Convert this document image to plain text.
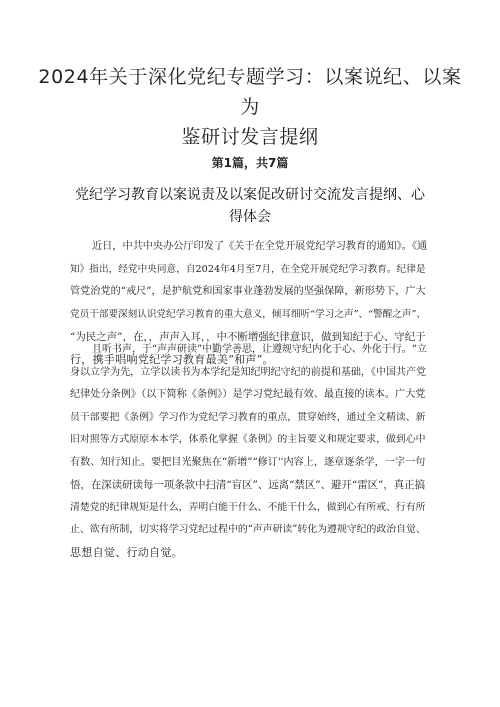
2024年关于深化党纪专题学习：以案说纪、以案为
鉴研讨发言提纲
第1篇，共7篇
党纪学习教育以案说责及以案促改研讨交流发言提纲、心
得体会
近日，中共中央办公厅印发了《关于在全党开展党纪学习教育的通知》。《通
知》指出，经党中央同意，自2024年4月至7月，在全党开展党纪学习教育。纪律是
管党治党的“戒尺”，是护航党和国家事业蓬勃发展的坚强保障，新形势下，广大
党员干部要深刻认识党纪学习教育的重大意义，倾耳细听“学习之声”、“警醒之声”、
“为民之声”，在，，声声入耳，，中不断增强纪律意识，做到知纪于心、守纪于
行，携手唱响党纪学习教育最美“和声”。
且听书声，于“声声研读”中勤学善思，让遵规守纪内化于心、外化于行。“立
身以立学为先，立学以读书为本学纪是知纪明纪守纪的前提和基础，《中国共产党
纪律处分条例》（以下简称《条例》）是学习党纪最有效、最直接的读本。广大党
员干部要把《条例》学习作为党纪学习教育的重点，贯穿始终，通过全文精读、新
旧对照等方式原原本本学，体系化掌握《条例》的主旨要义和规定要求，做到心中
有数、知行知止。要把目光聚焦在“新增”“修订''内容上，逐章逐条学，一字一句
悟，在深读研读每一项条款中扫清“盲区”、远离“禁区”、避开“雷区”，真正搞
清楚党的纪律规矩是什么，弄明白能干什么、不能干什么，做到心有所戒、行有所
止、欲有所制，切实将学习党纪过程中的“声声研读”转化为遵规守纪的政治自觉、
思想自觉、行动自觉。
